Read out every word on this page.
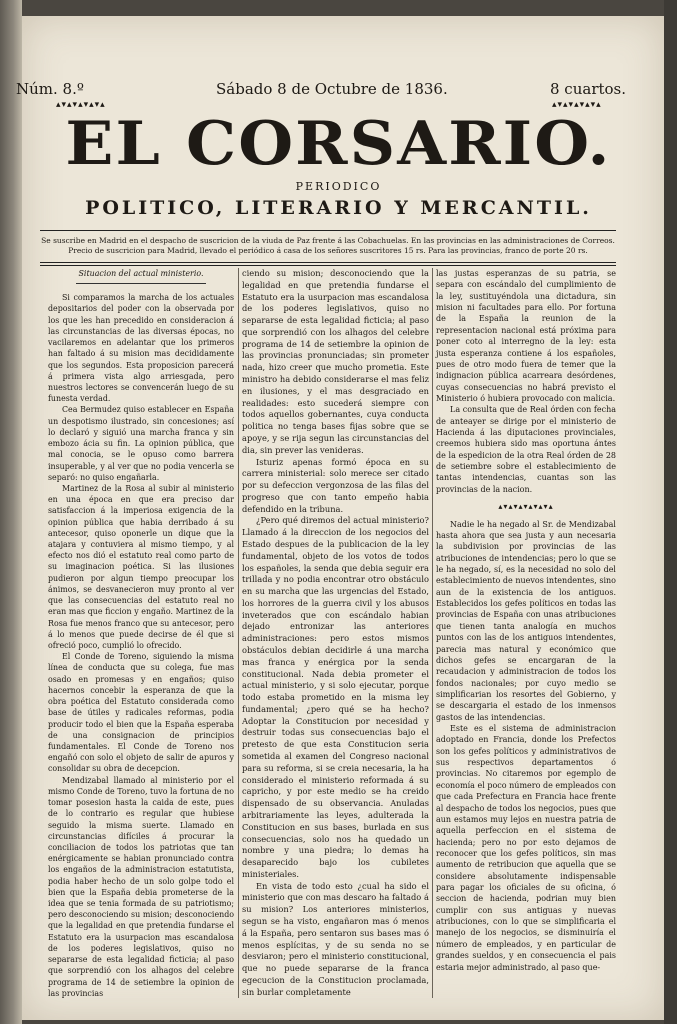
Núm. 8.º	Sábado 8 de Octubre de 1836.	8 cuartos.
▴▾▴▾▴▾▴▾▴	▴▾▴▾▴▾▴▾▴
EL CORSARIO.
PERIODICO
POLITICO, LITERARIO Y MERCANTIL.
Se suscribe en Madrid en el despacho de suscricion de la viuda de Paz frente á las Cobachuelas. En las provincias en las administraciones de Correos. Precio de suscricion para Madrid, llevado el periódico á casa de los señores suscritores 15 rs. Para las provincias, franco de porte 20 rs.
Situacion del actual ministerio.

Si comparamos la marcha de los actuales depositarios del poder con la observada por los que les han precedido en consideracion á las circunstancias de las diversas épocas, no vacilaremos en adelantar que los primeros han faltado á su mision mas decididamente que los segundos. Esta proposicion parecerá á primera vista algo arriesgada, pero nuestros lectores se convencerán luego de su funesta verdad.

Cea Bermudez quiso establecer en España un despotismo ilustrado, sin concesiones; así lo declaró y siguió una marcha franca y sin embozo ácia su fin. La opinion pública, que mal conocia, se le opuso como barrera insuperable, y al ver que no podia vencerla se separó: no quiso engañarla.

Martinez de la Rosa al subir al ministerio en una época en que era preciso dar satisfaccion á la imperiosa exigencia de la opinion pública que habia derribado á su antecesor, quiso oponerle un dique que la atajara y contuviera al mismo tiempo, y al efecto nos dió el estatuto real como parto de su imaginacion poética. Si las ilusiones pudieron por algun tiempo preocupar los ánimos, se desvanecieron muy pronto al ver que las consecuencias del estatuto real no eran mas que ficcion y engaño. Martinez de la Rosa fue menos franco que su antecesor, pero á lo menos que puede decirse de él que si ofreció poco, cumplió lo ofrecido.

El Conde de Toreno, siguiendo la misma línea de conducta que su colega, fue mas osado en promesas y en engaños; quiso hacernos concebir la esperanza de que la obra poética del Estatuto considerada como base de útiles y radicales reformas, podia producir todo el bien que la España esperaba de una consignacion de principios fundamentales. El Conde de Toreno nos engañó con solo el objeto de salir de apuros y consolidar su obra de decepcion.

Mendizabal llamado al ministerio por el mismo Conde de Toreno, tuvo la fortuna de no tomar posesion hasta la caida de este, pues de lo contrario es regular que hubiese seguido la misma suerte. Llamado en circunstancias difíciles á procurar la conciliacion de todos los patriotas que tan enérgicamente se habian pronunciado contra los engaños de la administracion estatutista, podia haber hecho de un solo golpe todo el bien que la España debia prometerse de la idea que se tenia formada de su patriotismo; pero desconociendo su mision; desconociendo que la legalidad en que pretendia fundarse el Estatuto era la usurpacion mas escandalosa de los poderes legislativos, quiso no separarse de esta legalidad ficticia; al paso que sorprendió con los alhagos del celebre programa de 14 de setiembre la opinion de las provincias

ciendo su mision; desconociendo que la legalidad en que pretendia fundarse el Estatuto era la usurpacion mas escandalosa de los poderes legislativos, quiso no separarse de esta legalidad ficticia; al paso que sorprendió con los alhagos del celebre programa de 14 de setiembre la opinion de las provincias pronunciadas; sin prometer nada, hizo creer que mucho prometia. Este ministro ha debido considerarse el mas feliz en ilusiones, y el mas desgraciado en realidades: esto sucederá siempre con todos aquellos gobernantes, cuya conducta politica no tenga bases fijas sobre que se apoye, y se rija segun las circunstancias del dia, sin prever las venideras.

Isturiz apenas formó época en su carrera ministerial: solo merece ser citado por su defeccion vergonzosa de las filas del progreso que con tanto empeño habia defendido en la tribuna.

¿Pero qué diremos del actual ministerio? Llamado á la direccion de los negocios del Estado despues de la publicacion de la ley fundamental, objeto de los votos de todos los españoles, la senda que debia seguir era trillada y no podia encontrar otro obstáculo en su marcha que las urgencias del Estado, los horrores de la guerra civil y los abusos inveterados que con escándalo habian dejado entronizar las anteriores administraciones: pero estos mismos obstáculos debian decidirle á una marcha mas franca y enérgica por la senda constitucional. Nada debia prometer el actual ministerio, y si solo ejecutar, porque todo estaba prometido en la misma ley fundamental; ¿pero qué se ha hecho? Adoptar la Constitucion por necesidad y destruir todas sus consecuencias bajo el pretesto de que esta Constitucion seria sometida al examen del Congreso nacional para su reforma, si se creia necesaria, la ha considerado el ministerio reformada á su capricho, y por este medio se ha creido dispensado de su observancia. Anuladas arbitrariamente las leyes, adulterada la Constitucion en sus bases, burlada en sus consecuencias, solo nos ha quedado un nombre y una piedra; lo demas ha desaparecido bajo los cubiletes ministeriales.

En vista de todo esto ¿cual ha sido el ministerio que con mas descaro ha faltado á su mision? Los anteriores ministerios, segun se ha visto, engañaron mas ó menos á la España, pero sentaron sus bases mas ó menos esplícitas, y de su senda no se desviaron; pero el ministerio constitucional, que no puede separarse de la franca egecucion de la Constitucion proclamada, sin burlar completamente

las justas esperanzas de su patria, se separa con escándalo del cumplimiento de la ley, sustituyéndola una dictadura, sin mision ni facultades para ello. Por fortuna de la España la reunion de la representacion nacional está próxima para poner coto al interregno de la ley: esta justa esperanza contiene á los españoles, pues de otro modo fuera de temer que la indignacion pública acarreara desórdenes, cuyas consecuencias no habrá previsto el Ministerio ó hubiera provocado con malicia.

La consulta que de Real órden con fecha de anteayer se dirige por el ministerio de Hacienda á las diputaciones provinciales, creemos hubiera sido mas oportuna ántes de la espedicion de la otra Real órden de 28 de setiembre sobre el establecimiento de tantas intendencias, cuantas son las provincias de la nacion.

▴▾▴▾▴▾▴▾▴▾▴

Nadie le ha negado al Sr. de Mendizabal hasta ahora que sea justa y aun necesaria la subdivision por provincias de las atribuciones de intendencias; pero lo que se le ha negado, sí, es la necesidad no solo del establecimiento de nuevos intendentes, sino aun de la existencia de los antiguos. Establecidos los gefes políticos en todas las provincias de España con unas atribuciones que tienen tanta analogía en muchos puntos con las de los antiguos intendentes, parecia mas natural y económico que dichos gefes se encargaran de la recaudacion y administracion de todos los fondos nacionales; por cuyo medio se simplificarian los resortes del Gobierno, y se descargaria el estado de los inmensos gastos de las intendencias.

Este es el sistema de administracion adoptado en Francia, donde los Prefectos son los gefes políticos y administrativos de sus respectivos departamentos ó provincias. No citaremos por egemplo de economía el poco número de empleados con que cada Prefectura en Francia hace frente al despacho de todos los negocios, pues que aun estamos muy lejos en nuestra patria de aquella perfeccion en el sistema de hacienda; pero no por esto dejamos de reconocer que los gefes políticos, sin mas aumento de retribucion que aquella que se considere absolutamente indispensable para pagar los oficiales de su oficina, ó seccion de hacienda, podrian muy bien cumplir con sus antiguas y nuevas atribuciones, con lo que se simplificaria el manejo de los negocios, se disminuiría el número de empleados, y en particular de grandes sueldos, y en consecuencia el pais estaria mejor administrado, al paso que-
